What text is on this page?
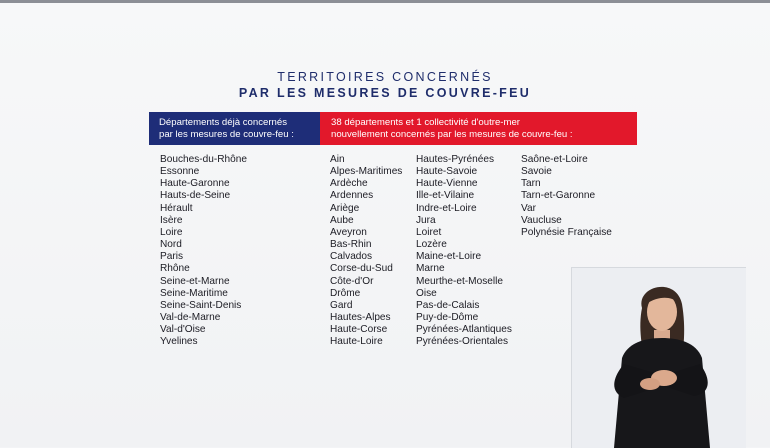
TERRITOIRES CONCERNÉS
PAR LES MESURES DE COUVRE-FEU
Départements déjà concernés
par les mesures de couvre-feu :
38 départements et 1 collectivité d'outre-mer
nouvellement concernés par les mesures de couvre-feu :
Bouches-du-Rhône
Essonne
Haute-Garonne
Hauts-de-Seine
Hérault
Isère
Loire
Nord
Paris
Rhône
Seine-et-Marne
Seine-Maritime
Seine-Saint-Denis
Val-de-Marne
Val-d'Oise
Yvelines
Ain
Alpes-Maritimes
Ardèche
Ardennes
Ariège
Aube
Aveyron
Bas-Rhin
Calvados
Corse-du-Sud
Côte-d'Or
Drôme
Gard
Hautes-Alpes
Haute-Corse
Haute-Loire
Hautes-Pyrénées
Haute-Savoie
Haute-Vienne
Ille-et-Vilaine
Indre-et-Loire
Jura
Loiret
Lozère
Maine-et-Loire
Marne
Meurthe-et-Moselle
Oise
Pas-de-Calais
Puy-de-Dôme
Pyrénées-Atlantiques
Pyrénées-Orientales
Saône-et-Loire
Savoie
Tarn
Tarn-et-Garonne
Var
Vaucluse
Polynésie Française
